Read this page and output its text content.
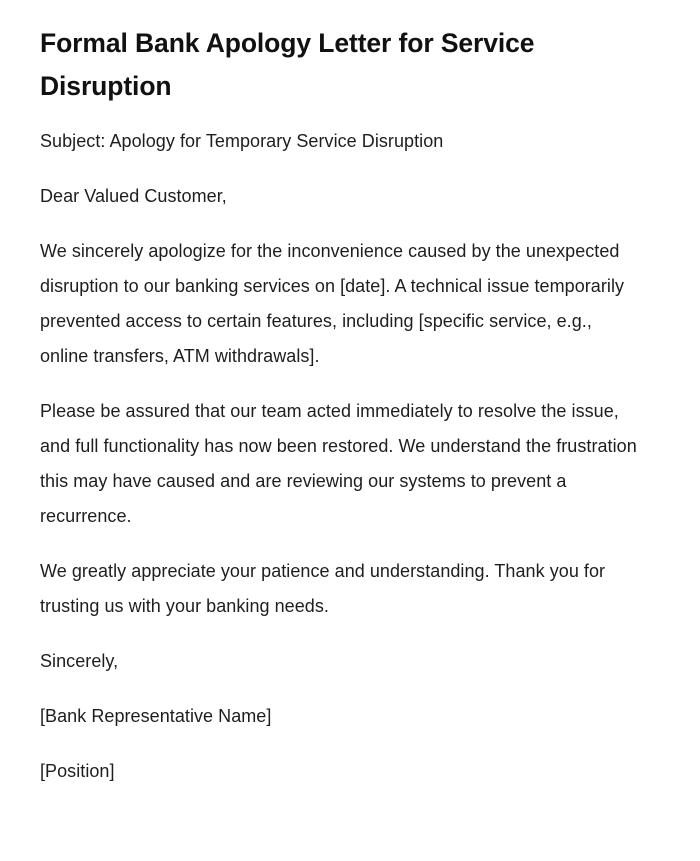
Formal Bank Apology Letter for Service Disruption

Subject: Apology for Temporary Service Disruption

Dear Valued Customer,

We sincerely apologize for the inconvenience caused by the unexpected disruption to our banking services on [date]. A technical issue temporarily prevented access to certain features, including [specific service, e.g., online transfers, ATM withdrawals].

Please be assured that our team acted immediately to resolve the issue, and full functionality has now been restored. We understand the frustration this may have caused and are reviewing our systems to prevent a recurrence.

We greatly appreciate your patience and understanding. Thank you for trusting us with your banking needs.

Sincerely,

[Bank Representative Name]

[Position]
